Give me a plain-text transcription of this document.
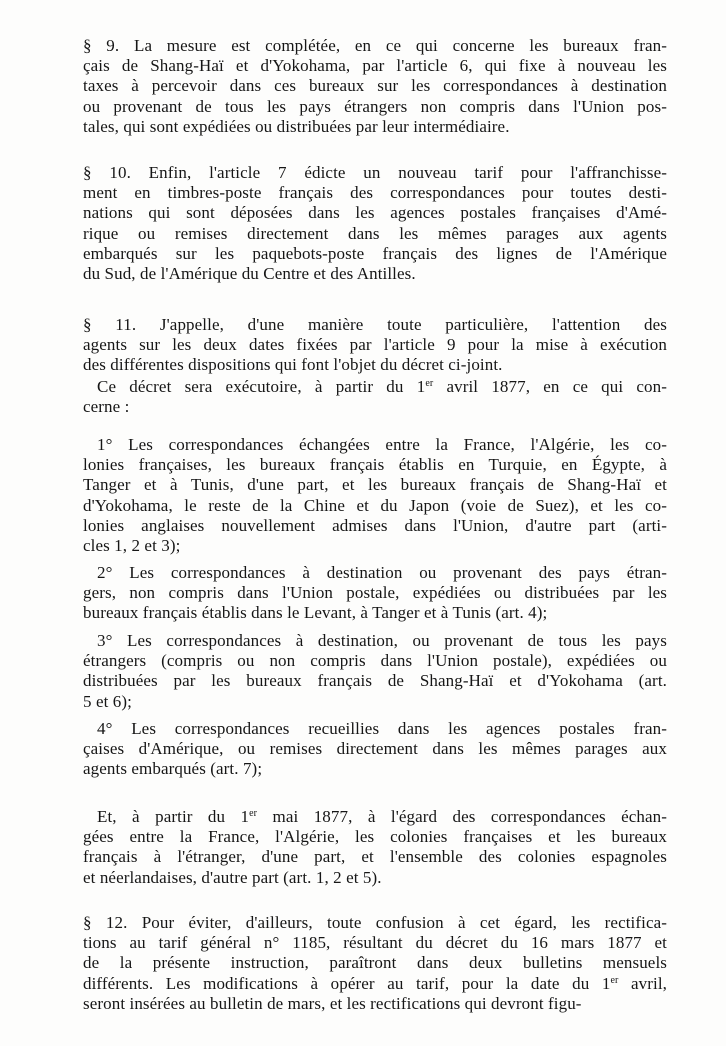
§ 9. La mesure est complétée, en ce qui concerne les bureaux fran-
çais de Shang-Haï et d'Yokohama, par l'article 6, qui fixe à nouveau les
taxes à percevoir dans ces bureaux sur les correspondances à destination
ou provenant de tous les pays étrangers non compris dans l'Union pos-
tales, qui sont expédiées ou distribuées par leur intermédiaire.

§ 10. Enfin, l'article 7 édicte un nouveau tarif pour l'affranchisse-
ment en timbres-poste français des correspondances pour toutes desti-
nations qui sont déposées dans les agences postales françaises d'Amé-
rique ou remises directement dans les mêmes parages aux agents
embarqués sur les paquebots-poste français des lignes de l'Amérique
du Sud, de l'Amérique du Centre et des Antilles.

§ 11. J'appelle, d'une manière toute particulière, l'attention des
agents sur les deux dates fixées par l'article 9 pour la mise à exécution
des différentes dispositions qui font l'objet du décret ci-joint.

Ce décret sera exécutoire, à partir du 1er avril 1877, en ce qui con-
cerne :

1° Les correspondances échangées entre la France, l'Algérie, les co-
lonies françaises, les bureaux français établis en Turquie, en Égypte, à
Tanger et à Tunis, d'une part, et les bureaux français de Shang-Haï et
d'Yokohama, le reste de la Chine et du Japon (voie de Suez), et les co-
lonies anglaises nouvellement admises dans l'Union, d'autre part (arti-
cles 1, 2 et 3);

2° Les correspondances à destination ou provenant des pays étran-
gers, non compris dans l'Union postale, expédiées ou distribuées par les
bureaux français établis dans le Levant, à Tanger et à Tunis (art. 4);

3° Les correspondances à destination, ou provenant de tous les pays
étrangers (compris ou non compris dans l'Union postale), expédiées ou
distribuées par les bureaux français de Shang-Haï et d'Yokohama (art.
5 et 6);

4° Les correspondances recueillies dans les agences postales fran-
çaises d'Amérique, ou remises directement dans les mêmes parages aux
agents embarqués (art. 7);

Et, à partir du 1er mai 1877, à l'égard des correspondances échan-
gées entre la France, l'Algérie, les colonies françaises et les bureaux
français à l'étranger, d'une part, et l'ensemble des colonies espagnoles
et néerlandaises, d'autre part (art. 1, 2 et 5).

§ 12. Pour éviter, d'ailleurs, toute confusion à cet égard, les rectifica-
tions au tarif général n° 1185, résultant du décret du 16 mars 1877 et
de la présente instruction, paraîtront dans deux bulletins mensuels
différents. Les modifications à opérer au tarif, pour la date du 1er avril,
seront insérées au bulletin de mars, et les rectifications qui devront figu-
